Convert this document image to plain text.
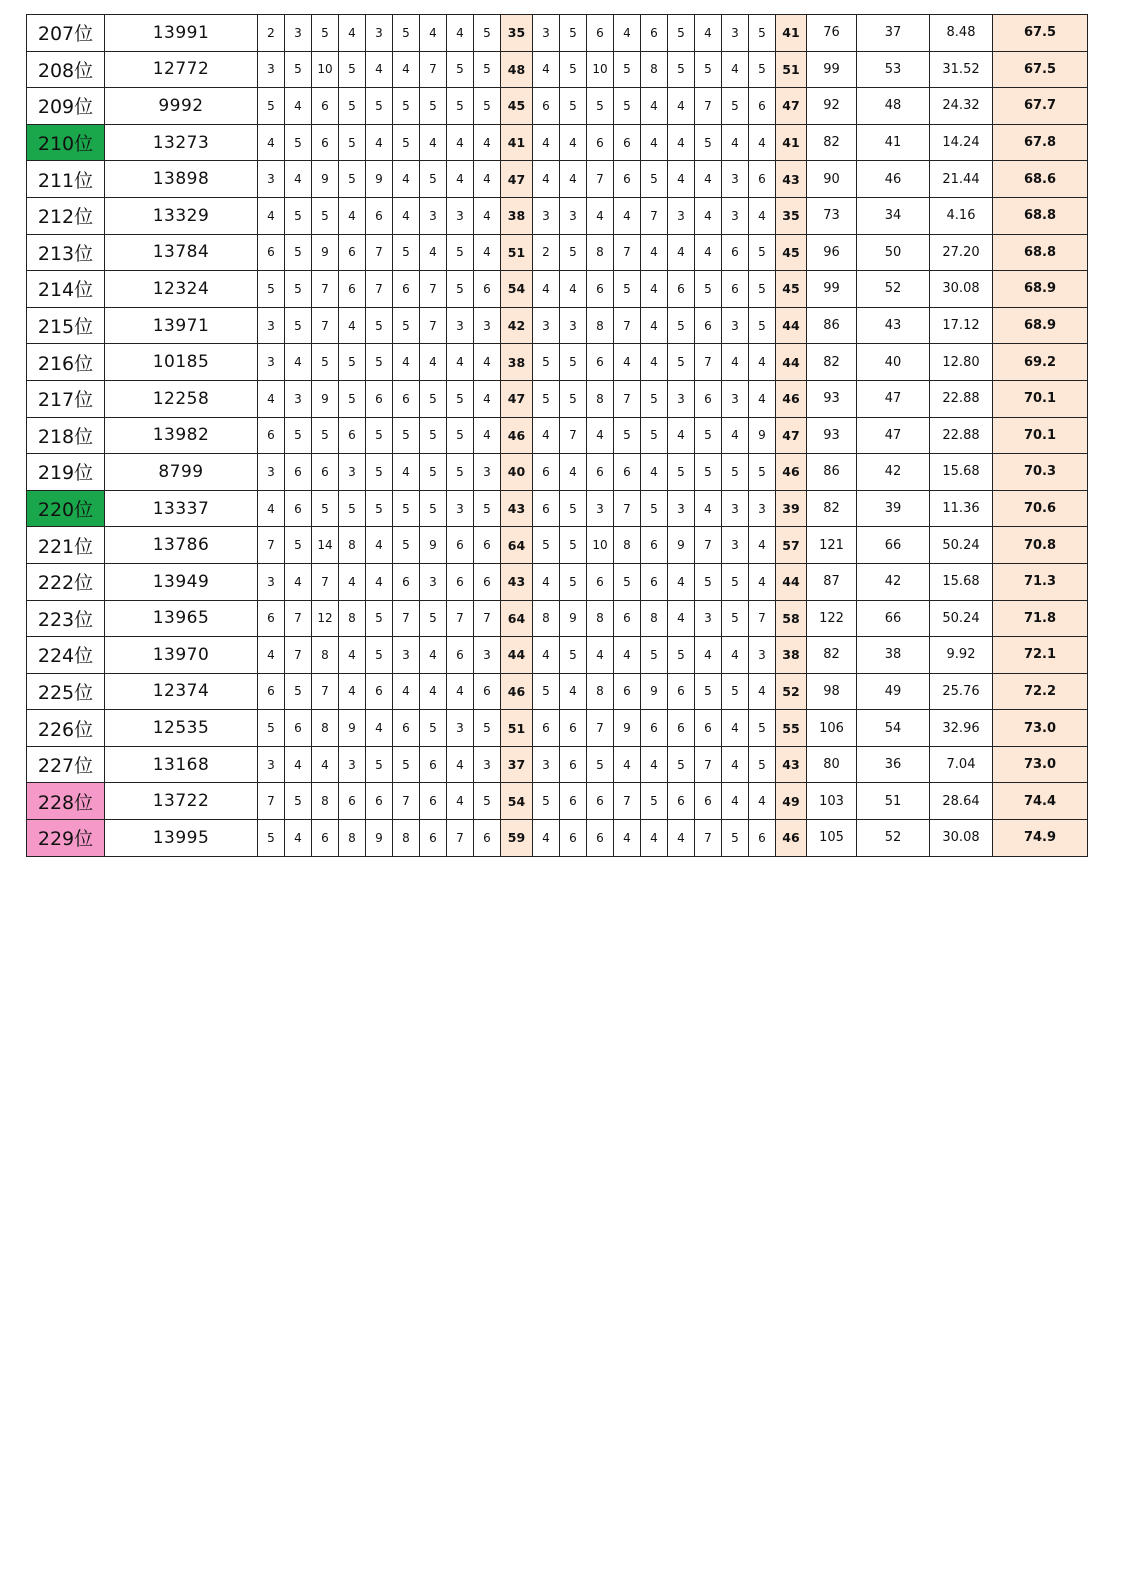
207位	13991	2	3	5	4	3	5	4	4	5	35	3	5	6	4	6	5	4	3	5	41	76	37	8.48	67.5
208位	12772	3	5	10	5	4	4	7	5	5	48	4	5	10	5	8	5	5	4	5	51	99	53	31.52	67.5
209位	9992	5	4	6	5	5	5	5	5	5	45	6	5	5	5	4	4	7	5	6	47	92	48	24.32	67.7
210位	13273	4	5	6	5	4	5	4	4	4	41	4	4	6	6	4	4	5	4	4	41	82	41	14.24	67.8
211位	13898	3	4	9	5	9	4	5	4	4	47	4	4	7	6	5	4	4	3	6	43	90	46	21.44	68.6
212位	13329	4	5	5	4	6	4	3	3	4	38	3	3	4	4	7	3	4	3	4	35	73	34	4.16	68.8
213位	13784	6	5	9	6	7	5	4	5	4	51	2	5	8	7	4	4	4	6	5	45	96	50	27.20	68.8
214位	12324	5	5	7	6	7	6	7	5	6	54	4	4	6	5	4	6	5	6	5	45	99	52	30.08	68.9
215位	13971	3	5	7	4	5	5	7	3	3	42	3	3	8	7	4	5	6	3	5	44	86	43	17.12	68.9
216位	10185	3	4	5	5	5	4	4	4	4	38	5	5	6	4	4	5	7	4	4	44	82	40	12.80	69.2
217位	12258	4	3	9	5	6	6	5	5	4	47	5	5	8	7	5	3	6	3	4	46	93	47	22.88	70.1
218位	13982	6	5	5	6	5	5	5	5	4	46	4	7	4	5	5	4	5	4	9	47	93	47	22.88	70.1
219位	8799	3	6	6	3	5	4	5	5	3	40	6	4	6	6	4	5	5	5	5	46	86	42	15.68	70.3
220位	13337	4	6	5	5	5	5	5	3	5	43	6	5	3	7	5	3	4	3	3	39	82	39	11.36	70.6
221位	13786	7	5	14	8	4	5	9	6	6	64	5	5	10	8	6	9	7	3	4	57	121	66	50.24	70.8
222位	13949	3	4	7	4	4	6	3	6	6	43	4	5	6	5	6	4	5	5	4	44	87	42	15.68	71.3
223位	13965	6	7	12	8	5	7	5	7	7	64	8	9	8	6	8	4	3	5	7	58	122	66	50.24	71.8
224位	13970	4	7	8	4	5	3	4	6	3	44	4	5	4	4	5	5	4	4	3	38	82	38	9.92	72.1
225位	12374	6	5	7	4	6	4	4	4	6	46	5	4	8	6	9	6	5	5	4	52	98	49	25.76	72.2
226位	12535	5	6	8	9	4	6	5	3	5	51	6	6	7	9	6	6	6	4	5	55	106	54	32.96	73.0
227位	13168	3	4	4	3	5	5	6	4	3	37	3	6	5	4	4	5	7	4	5	43	80	36	7.04	73.0
228位	13722	7	5	8	6	6	7	6	4	5	54	5	6	6	7	5	6	6	4	4	49	103	51	28.64	74.4
229位	13995	5	4	6	8	9	8	6	7	6	59	4	6	6	4	4	4	7	5	6	46	105	52	30.08	74.9
